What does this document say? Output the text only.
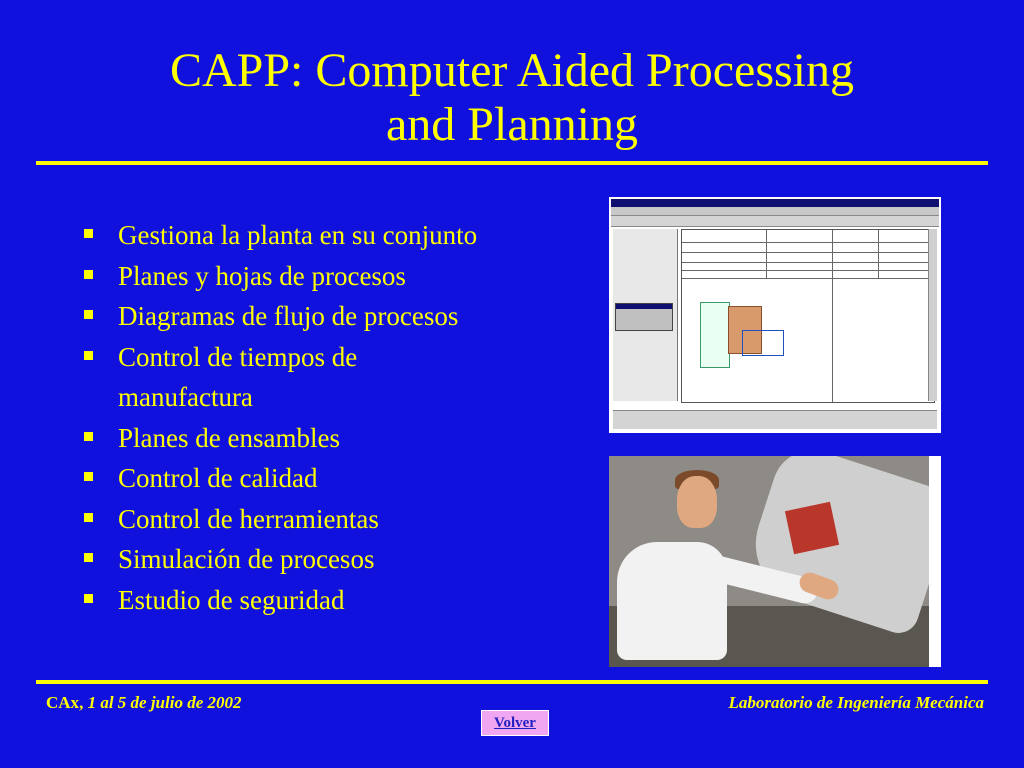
CAPP: Computer Aided Processing
and Planning
Gestiona la planta en su conjunto
Planes y hojas de procesos
Diagramas de flujo de procesos
Control de tiempos de manufactura
Planes de ensambles
Control de calidad
Control de herramientas
Simulación de procesos
Estudio de seguridad
CAx, 1 al 5 de julio de 2002	Laboratorio de Ingeniería Mecánica
Volver
